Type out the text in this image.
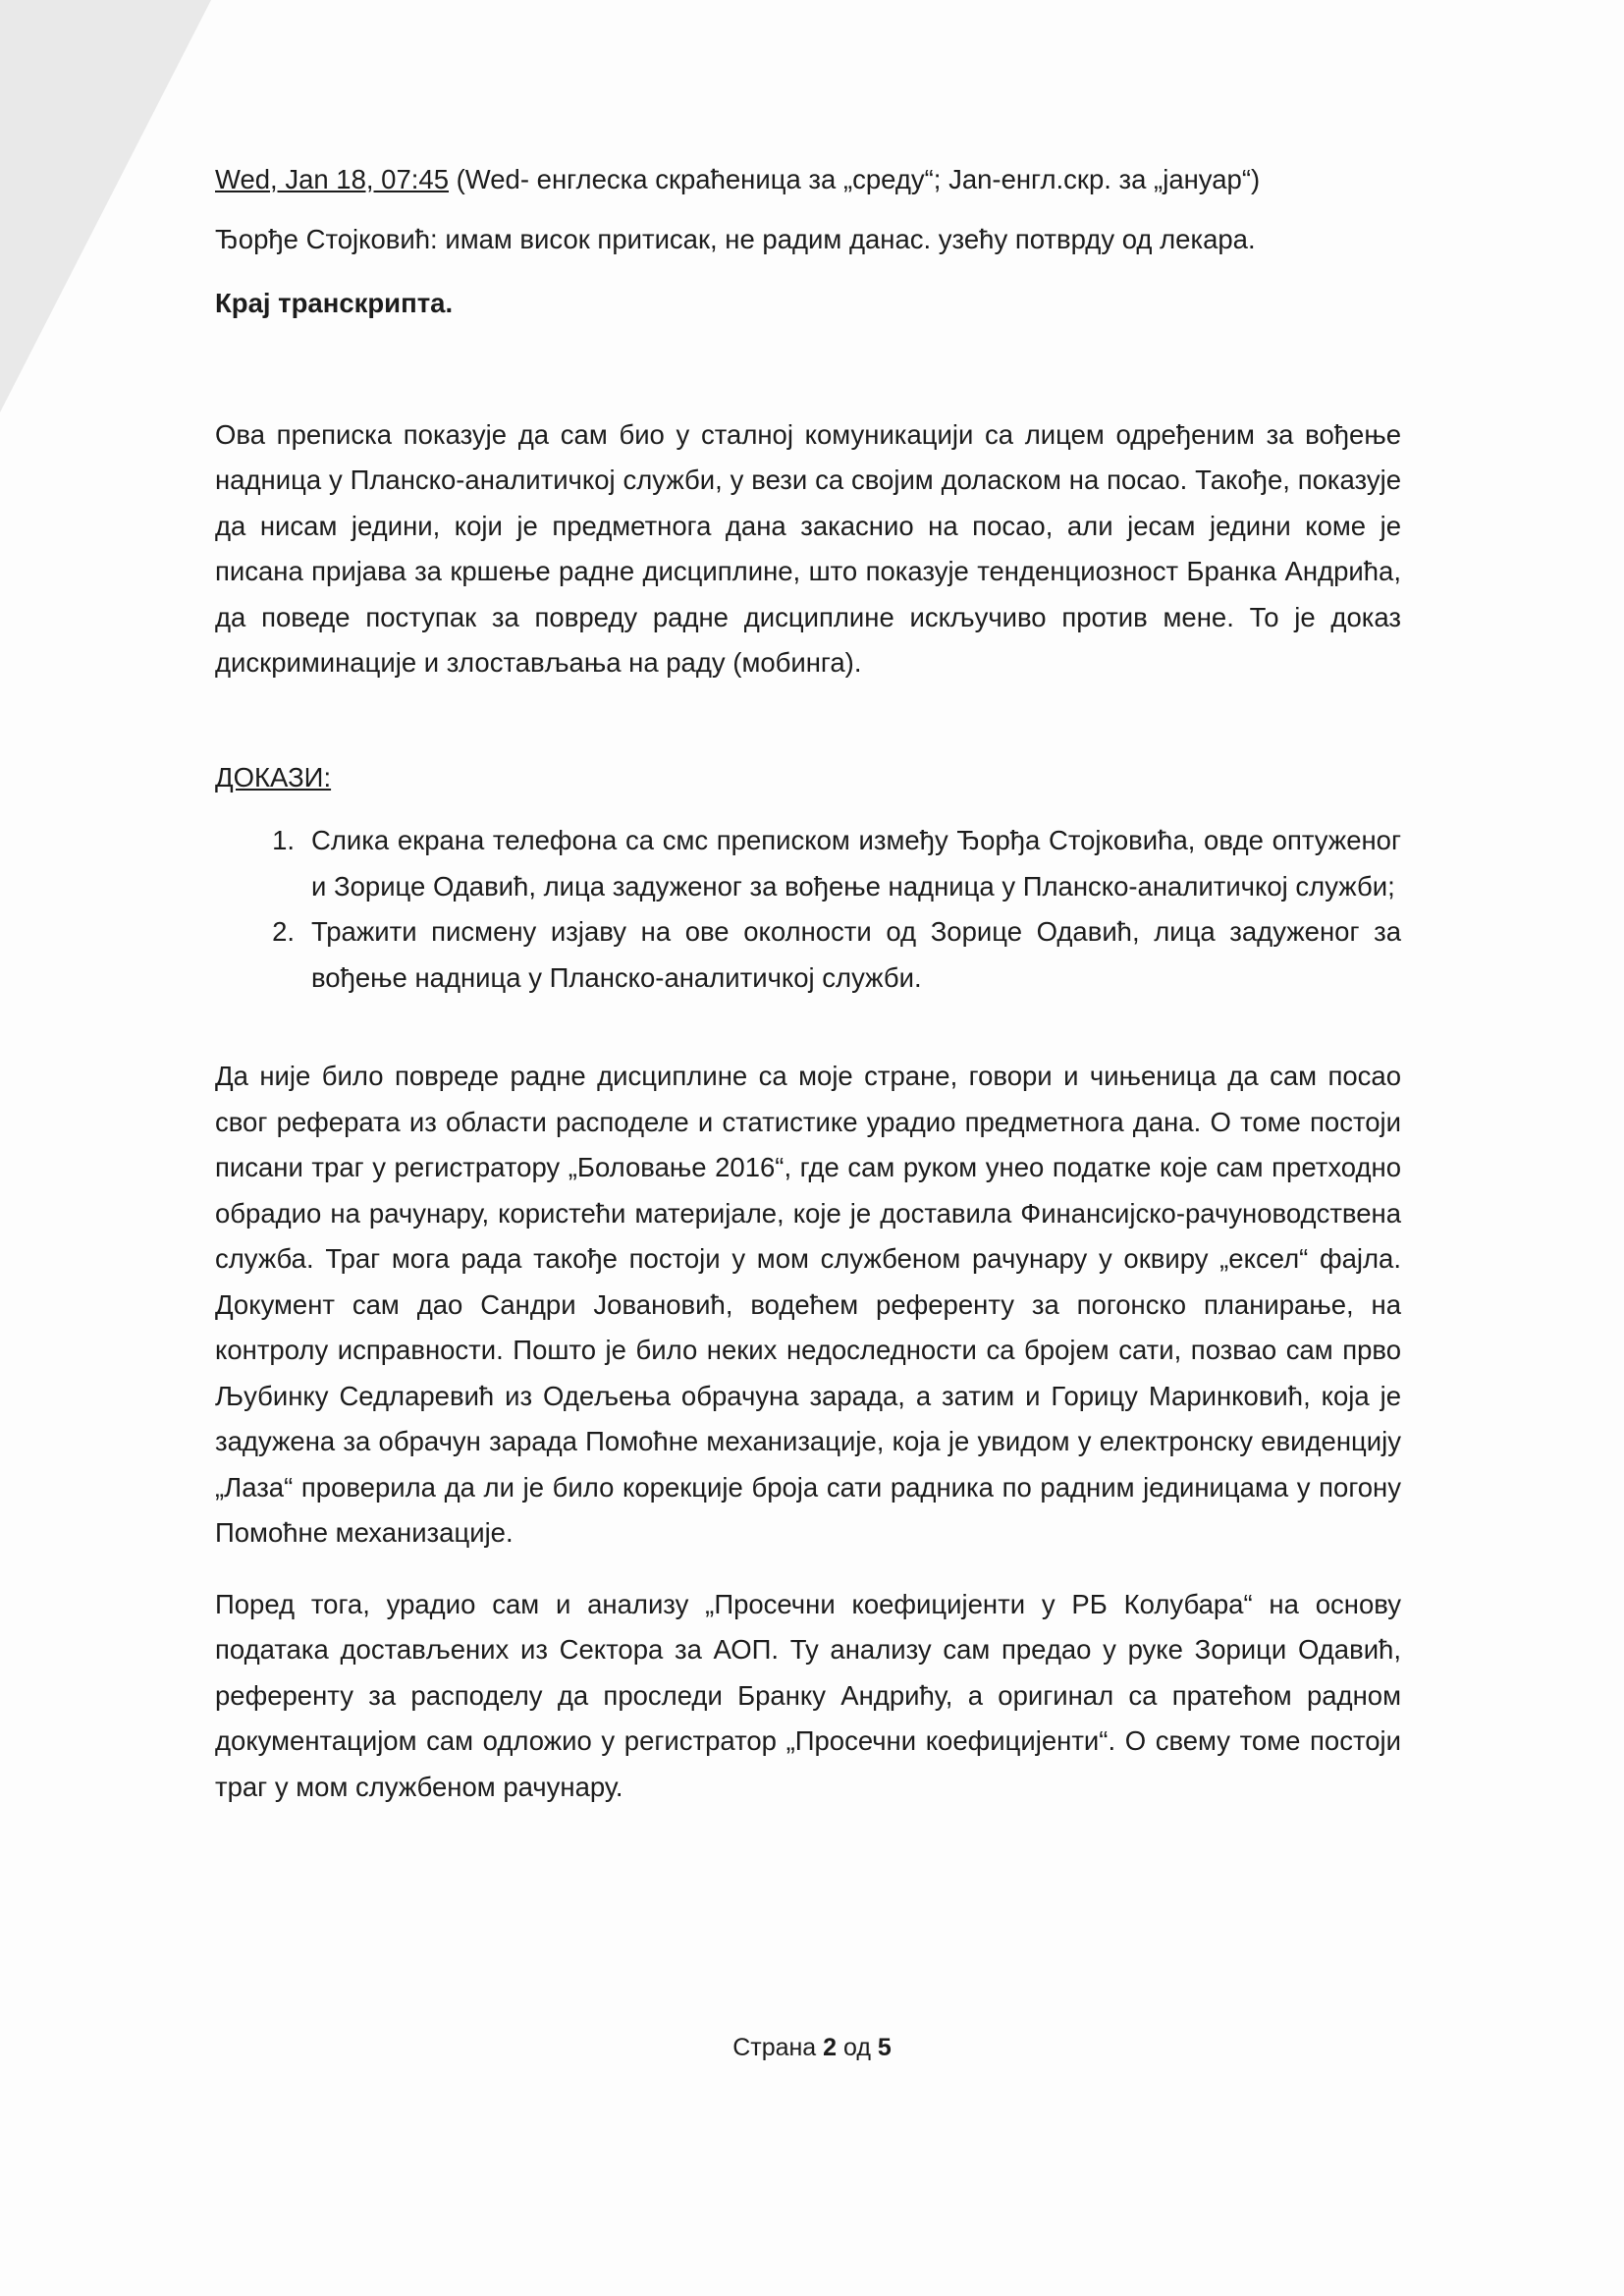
Wed, Jan 18, 07:45 (Wed- енглеска скраћеница за „среду“; Jan-енгл.скр. за „јануар“)

Ђорђе Стојковић: имам висок притисак, не радим данас. узећу потврду од лекара.

Крај транскрипта.

Ова преписка показује да сам био у сталној комуникацији са лицем одређеним за вођење надница у Планско-аналитичкој служби, у вези са својим доласком на посао. Такође, показује да нисам једини, који је предметнога дана закаснио на посао, али јесам једини коме је писана пријава за кршење радне дисциплине, што показује тенденциозност Бранка Андрића, да поведе поступак за повреду радне дисциплине искључиво против мене. То је доказ дискриминације и злостављања на раду (мобинга).

ДОКАЗИ:

1. Слика екрана телефона са смс преписком између Ђорђа Стојковића, овде оптуженог и Зорице Одавић, лица задуженог за вођење надница у Планско-аналитичкој служби;
2. Тражити писмену изјаву на ове околности од Зорице Одавић, лица задуженог за вођење надница у Планско-аналитичкој служби.

Да није било повреде радне дисциплине са моје стране, говори и чињеница да сам посао свог реферата из области расподеле и статистике урадио предметнога дана. О томе постоји писани траг у регистратору „Боловање 2016“, где сам руком унео податке које сам претходно обрадио на рачунару, користећи материјале, које је доставила Финансијско-рачуноводствена служба. Траг мога рада такође постоји у мом службеном рачунару у оквиру „ексел“ фајла. Документ сам дао Сандри Јовановић, водећем референту за погонско планирање, на контролу исправности. Пошто је било неких недоследности са бројем сати, позвао сам прво Љубинку Седларевић из Одељења обрачуна зарада, а затим и Горицу Маринковић, која је задужена за обрачун зарада Помоћне механизације, која је увидом у електронску евиденцију „Лаза“ проверила да ли је било корекције броја сати радника по радним јединицама у погону Помоћне механизације.

Поред тога, урадио сам и анализу „Просечни коефицијенти у РБ Колубара“ на основу података достављених из Сектора за АОП. Ту анализу сам предао у руке Зорици Одавић, референту за расподелу да проследи Бранку Андрићу, а оригинал са пратећом радном документацијом сам одложио у регистратор „Просечни коефицијенти“. О свему томе постоји траг у мом службеном рачунару.

Страна 2 од 5
